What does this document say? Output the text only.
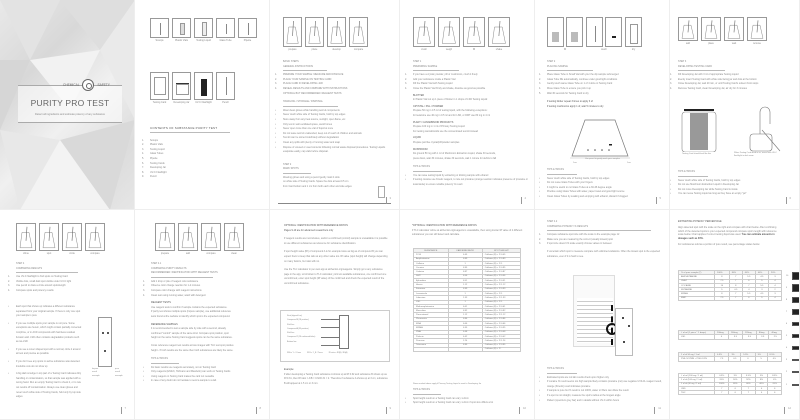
CHEMICAL	SAFETY
PURITY PRO TEST
Detect all ingredients and estimate potency of any substance
Scoops	Plastic Vials	Testing Liquid	Glass Tube	Pipette
Testing Card	Developing Jar	UV-C Flashlight	Pencil
CONTENTS OF SUBSTANCE PURITY TEST
1.	Scoops
2.	Plastic Vials
3.	Testing Liquid
4.	Glass Tubes
5.	Pipette
6.	Testing Cards
7.	Developing Jar
8.	UV-C Flashlight
9.	Pencil
prepare	place	develop	compare
BASIC STEPS
GENERAL INSTRUCTIONS
1.	PREPARE YOUR SAMPLE: MEASURE AND DISSOLVE
2.	PLACE YOUR SAMPLE ON TESTING CARD
3.	PLACE CARD IN DEVELOPING JAR
4.	REVEAL RESULTS AND COMPARE WITH INSTRUCTIONS
OPTIONAL BUT RECOMMENDED: REAGENT TESTS
HANDLING / STORAGE / DISPOSAL
•	Wear clean gloves while handling test kit components
•	Never touch white side of Testing Cards, hold by top edges
•	Store away from any heat source, sunlight, open flame, etc
•	Only test in well-ventilated space, avoid fumes
•	Never open more than one vial of liquid at once
•	Do not leave test kit unattended, keep out of reach of children and animals
•	Test kit can be stored indefinitely without degradation
•	Clean any spills with plenty of running water and soap
•	Dispose of unused or used contents following normal waste disposal procedures. Testing Liquids evaporate easily, cap vials before disposal.
STEP 2
MARK SPOTS
Wearing gloves and using a pencil gently mark 4 dots
on white side of Testing Cards. Space the dots at least 0.5 cm
from Card bottom and 1 cm from both each other and side edges
3
crush	weigh	fill	shake
STEP 1
PREPARING SAMPLE
1.	If you have a crystal, powder, pill or mushroom, crush it finely
2.	Add your substance inside a Plastic Vial
3.	Fill the Plastic Vial with Testing Liquid
4.	Close the Plastic Vial firmly and shake, dissolve as good as possible
BLOTTER
In Plastic Vial cut up 1 piece of blotter in 1 drops of LSD Testing Liquid
CRYSTAL / PILL / POWDER
Prepare 50 mg in 0.5 ml of testing liquid, with the following exceptions:
for ketamine use 40 mg in 0.5 ml and for LSD, or DMT use 80 mg in 4 ml
PLANT / CANNABINOID PRODUCTS
Prepare 100 mg in 1 ml of Primary Testing Liquid
For testing cannabinoids use the concentrated test kit instead
LIQUID
Prepare just like crystal/pill/powder samples
MUSHROOM
Do ground 50 mg with 1 ml of Mushroom Extraction Liquid, shake 30 seconds,
press down, wait 30 minutes, shake 30 seconds, wait 1 minute for debris to fall
TIPS & TRICKS
•	You can save testing liquid by extracting or diluting sample with ethanol
•	If testing cocaine use Kinetic reagent, to rule out procaine (orange reaction indicates presence of procaine or levamisole) to ensure reliable potency % result
4
fill	touch	dry
STEP 2
PLACING SAMPLE
1.	Place Glass Tube in Small Vial with your the dip sample submerged
2.	Glass Tube fills automatically, continue under good light conditions
3.	Gently touch same Glass Tube on 1 of 4 dots on Testing Card
4.	Move Glass Tube to ensure you pick it up
5.	Wait 30 seconds for Testing Card to dry
If testing blotter repeat 3 times to apply 3 of
If testing mushrooms apply 1 of, wait 5 minutes to dry
Use pencil to gently mark your samples
1cm	1cm
TIPS & TRICKS
•	Never touch white side of Testing Cards, hold by top edges
•	Do not reuse Glass Tubes with your fingers
•	It might be useful to cut Glass Tubes at a 30-45 degree angle
•	Practice using Glass Tubes with water, paper towel and good light source
•	Clean Glass Tubes by soaking and emptying with ethanol, discard if clogged
5
add	place	wait	remove
STEP 3
DEVELOPING TESTING CARD
1.	Fill Developing Jar with 3 ml of appropriate Testing Liquid
2.	Evenly insert Testing Card with white side facing jar and dots at the bottom
3.	Close Developing Jar, wait 20 min, or until Testing Card's solvent front stops
4.	Remove Testing Card, clean Developing Jar, air dry for 3 minutes
Testing Card should look like this	When Testing Card dried in air, reveal with UV-C flashlight in dark room
TIPS & TRICKS
•	Never touch white side of Testing Cards, hold by top edges
•	Do not use Mushroom Extraction Liquid in Developing Jar
•	Do not move Developing Jar while Testing Card is inside
•	You can reuse Testing Liquid as long as they have an empty "jar"
6
shine	spot	circle	compare
STEP 4
COMPARING RESULTS
1.	Use UV-C flashlight to find spots on Testing Card
2.	Visible dots, small dark spot visible under UV-C light
3.	Use pencil to draw a circle around spots/length
4.	Compare spots and potency results
•	Each spot that shows up indicates a different substance separated from your original sample. If there is only one spot your sample is pure
•	If you see multiple spots your sample is not pure. Some exceptions are herein, which might contain partially converted morphine, or in ACD compounds with harmless residual fumaric acid. LSD often contains degradation products such as iso-LSD
•	If you see a cover shaped spot with a normal, circle it around at best and precise as possible
•	If you don't see any spots no active substance was detected. Insoluble cuts do not show up
•	A big dark smudge in top part of a Testing Card indicates dirty handling or contamination, so that sample was applied with a wrong hand. Run an empty Testing Card to check it, or to rule out results off contamination. Always use clean gloves and never touch white side of Testing Cards, hold only by top side edges
Impure
result
example
pure
result
example
7
prepare	add	compare	clean
STEP 4.1
COMPARING PURITY RESULTS
RECOMMENDED: IDENTIFICATION WITH REAGENT TESTS
1.	Add 1 drop or pile of reagent onto substance
2.	Observe color change reaction for 1-2 minutes
3.	Compare color change with reagent instructions
4.	Clean test using running water, wash with detergent
REAGENT TESTS
Use reagent tests to confirm if sample contains the expected substance.
If purity test shows multiple spots (impure sample), use additional reference
tests found at the website to identify which spot is the expected compound.
REFERENCE SAMPLES
It is recommended to test a sample side by side with a second, already
confirmed "control" sample of the same kind. Compare spot position, spot
height on the same Testing Card suggests spots can be the same substance.
Cross reference reagent test results across images with TLC test spot positive
height - If both results are the same then both substances are likely the same.
TIPS & TRICKS
•	Do basic results use reagents accurately, not on Testing Card
•	Only reagents (Ehrlich, Hofmann and Mandelin) can work on Testing Cards
•	Using reagent on Testing Card makes the card not reusable
•	In case of any doubt do not hesitate to send a sample to a lab
8
OPTIONAL: IDENTIFICATION WITH REFERENCE RATIOS
Pages 9-10 are for advanced researchers only
If reagent results are inconclusive, and/or a confirmed (control) sample is unavailable it is possible to use different substances as reference for substance identification.
If spot height value (Rf) of compound A is for example twice as big as of compound B you can expect them to keep that ratio at any other value too. Rf value (spot height) will change depending on many factors, but ratio will not.
Use the TLC calculator in pen test app at alchemist.org/reagents. Simply go to any substance page in the app, scroll down to TLC calculator, pick two available substances, one confirmed one unconfirmed, enter spot height (Rf value) of the confirmed and check the expected result of the unconfirmed substance.
Start (dipped line)
Compound B (Rf position)
Shift line
Compound A (Rf position)
Shift line
Compound Z (Rf confirmed/other)
Bottom line
Rf A = Yₐ / Ymax	Rf B = Y_B / Ymax	Rf ratio = Rf(B) / Rf(A)
Example:
If after developing a Testing Card substance A shows up at Rf 0.62 and substance B shows up as Rf 0.31, then Rf ratio = A/B = 0.62/0.31 = 2. Therefore if substance A shows up at 3 cm, substance B will appear at 1.5 cm or 3 mm.
9
*OPTIONAL: IDENTIFICATION WITH REFERENCE RATIOS
If TLC calculator online at alchemist.org/reagents is unavailable, then using known Rf value of 2 different substances you can still detect and calculate.
SUBSTANCE	CAFFEINE RATIO	SPOT HEIGHT
2C-B	0.45	Caffeine (B) × 2^0.45
Amphetamine	0.89	Caffeine (B) × 2^0.89
Caffeine	1	Caffeine (B) × 2^1
Cocaine	0.95	Caffeine (B) × 2^0.95
Codeine	0.87	Caffeine (B) × 2^0.87
DMT	0.56	Caffeine (B) × 2^0.56
Ephedrine	0.51	Caffeine (B) × 2^0.51
Heroin	1.12	Caffeine (B) × 2^1.12
Ketamine	0.99	Caffeine (B) × 2^0.99
Levamisole	1	Caffeine (B) × 2^1
Lidocaine	1.33	Caffeine (B) × 2^1.33
LSD	1	Caffeine (B) × 2^1
Methamphetamine	0.61	Caffeine (B) × 2^0.61
Mescaline	0.92	Caffeine (B) × 2^0.92
Paracetamol	1.12	Caffeine (B) × 2^1.12
Phenacetin	0.86	Caffeine (B) × 2^0.86
MDA	0.66	Caffeine (B) × 2^0.66
MDMA	0.35	Caffeine (B) × 2^0.35
PMA	0.48	Caffeine (B) × 2^0.48
Psilocin	0.42	Caffeine (B) × 2^0.42
Procaine	1.24	Caffeine (B) × 2^1.24
Tetracaine	0.95	Caffeine (B) × 2^0.95
		Caffeine (B) × 2^
Rows marked above apply if Primary Testing Liquid is used in Developing Jar
TIPS & TRICKS
•	Spot height result on a Testing Card can vary 1-2mm
•	Spot height result on a Testing Card can vary 1-2mm if spot size differs a lot
10
STEP 4.2
COMPARING POTENCY % RESULTS
1.	Compare substance spot size with the scale to the example page 12
2.	Make sure you are measuring the correct (usually lowest) spot
3.	If spot size doesn't fit scale exactly choose values in between
If uncertain which spot to measure compare with unlimited variations. Often the lowest spot is the expected substance, even if it is hard to see.
TIPS & TRICKS
•	Estimated spots are not lab results check upon higher only
•	If cocaine % result seems too high sample likely contains procaine (cut) use negative UV/LCL reagent result, orange (Kinetic) result indicates procaine
•	If sample is pure but % result is not 100%, water or fillers can dilute the result
•	If a spot is not straight, measure the spot's radius at the longest angle
•	Pattern (spectrum grey bar) and in details without UV-C within hours
11
ESTIMATING POTENCY PERCENTAGE
Align detected spot with the scale on the right and compare with chart below. After confirming which of the detected spots is your expected compound compare spot's length with reference scale below. Chart applies if correct testing liquid was used. You can estimate amounts in dosages such as 40%.
For substances sold as a portion of pure result, see percentage scales below.
% of pure sample (€)	100%	80%	60%	40%	20%
AMPHETAMINE	8	7	5.5	4.5	3
CHAT	7.5	7	6	5	4
COCAINE	10	8	7	5.5	4
KETAMINE	5	4.5	4	3	2
MDMA	8	7	5.5	4.5	3
MMC	7.5	7	6	5	4
# of ml (1 piece * 1 drops)	200mg	160mg	120mg	80mg	40mg
LSD	4	3.5	3.5	3.5	2.5
1 ul of 50 mg / 1 ml	0.5%	3%	5.5%	5%	8.5%
PSILOCYBIN + PSILOCIN	7.5	6.5	6	5	4.5
# of ml (100 mg / 1 ml)	0.5%	3%	5.5%	5%	8.5%
1 ul of (100 mg / 1 ml)	20%	50%	52%	8%	4%
1 ul of (40 mg / 1 ml)	100%	80%	60%	40%	20%
CBD	7	6	7	4	6
THC	7	6	7	4	6
10
9
8
7
6
5
4
3
2
1
12
